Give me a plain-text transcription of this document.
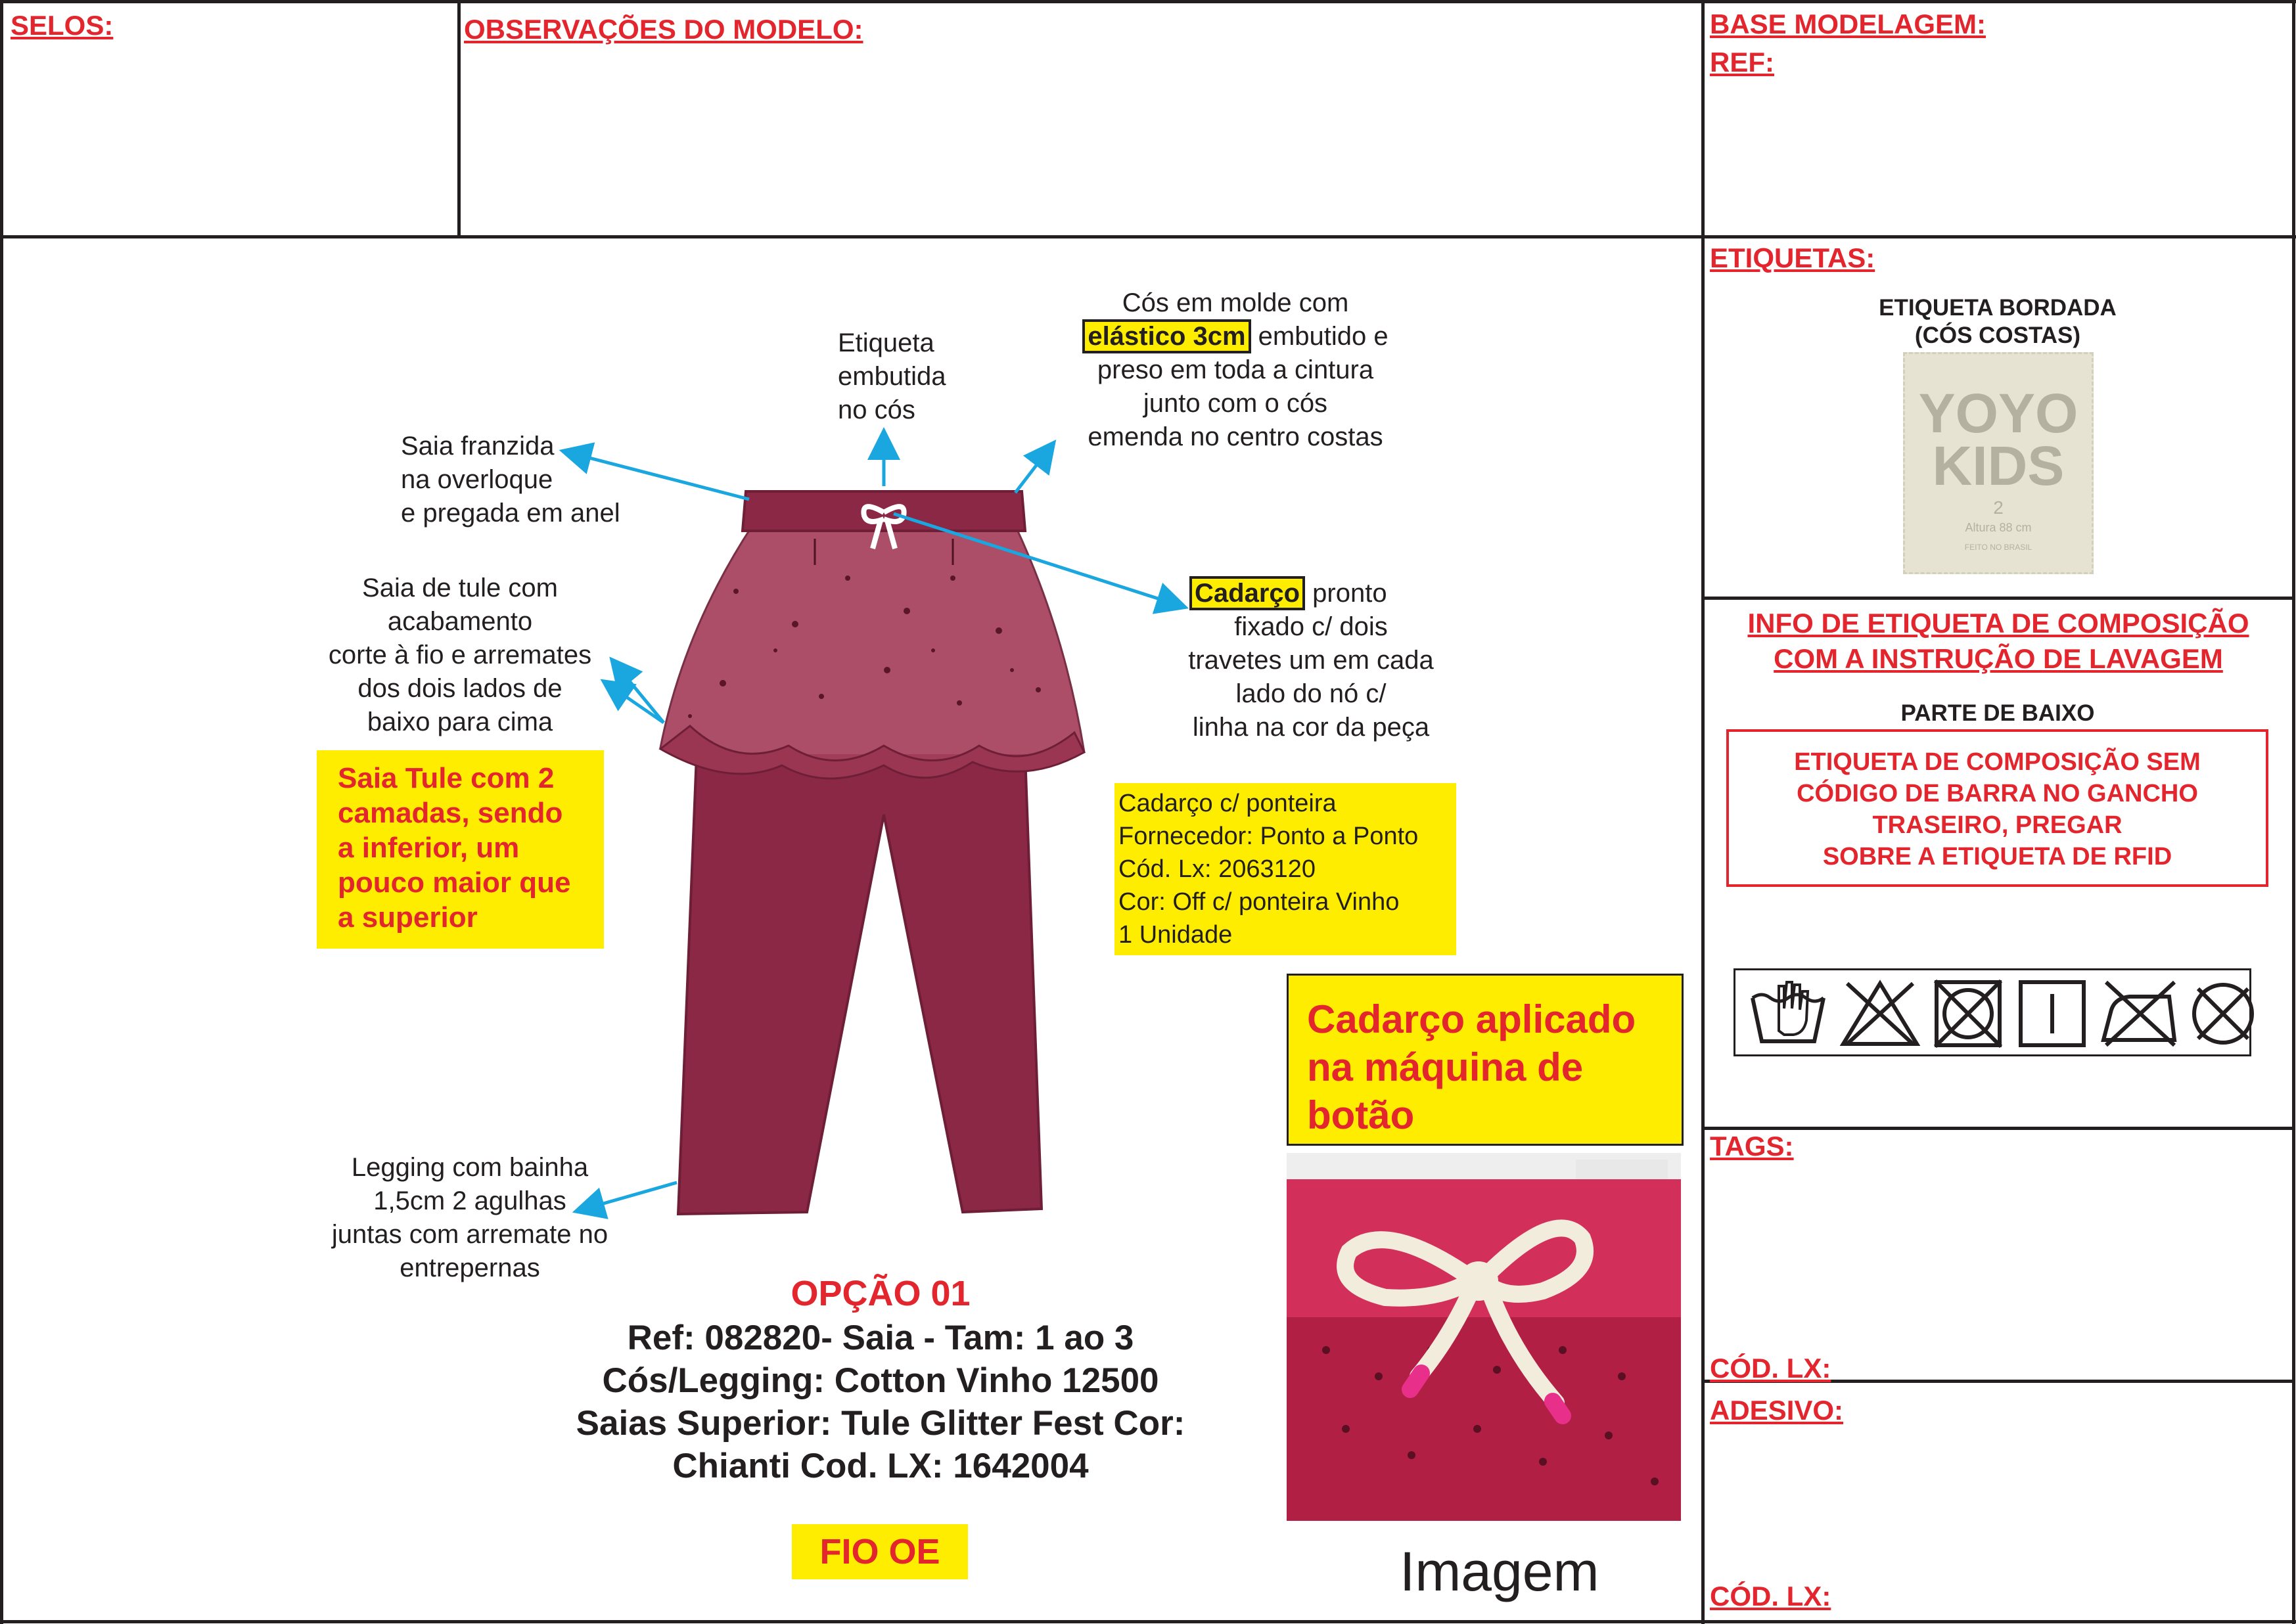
SELOS:	OBSERVAÇÕES DO MODELO:	BASE MODELAGEM:
REF:
ETIQUETAS:
ETIQUETA BORDADA
(CÓS COSTAS)
YOYO
KIDS
2
Altura 88 cm
FEITO NO BRASIL
INFO DE ETIQUETA DE COMPOSIÇÃO
COM A INSTRUÇÃO DE LAVAGEM
PARTE DE BAIXO
ETIQUETA DE COMPOSIÇÃO SEM
CÓDIGO DE BARRA NO GANCHO
TRASEIRO, PREGAR
SOBRE A ETIQUETA DE RFID
TAGS:
CÓD. LX:
ADESIVO:
CÓD. LX:
Etiqueta
embutida
no cós
Cós em molde com
elástico 3cm embutido e
preso em toda a cintura
junto com o cós
emenda no centro costas
Saia franzida
na overloque
e pregada em anel
Saia de tule com
acabamento
corte à fio e arremates
dos dois lados de
baixo para cima
Saia Tule com 2
camadas, sendo
a inferior, um
pouco maior que
a superior
Cadarço pronto
fixado c/ dois
travetes um em cada
lado do nó c/
linha na cor da peça
Cadarço c/ ponteira
Fornecedor: Ponto a Ponto
Cód. Lx: 2063120
Cor: Off c/ ponteira Vinho
1 Unidade
Legging com bainha
1,5cm 2 agulhas
juntas com arremate no
entrepernas
Cadarço aplicado
na máquina de
botão
Imagem
OPÇÃO 01
Ref: 082820- Saia - Tam: 1 ao 3
Cós/Legging: Cotton Vinho 12500
Saias Superior: Tule Glitter Fest Cor:
Chianti Cod. LX: 1642004
FIO OE
